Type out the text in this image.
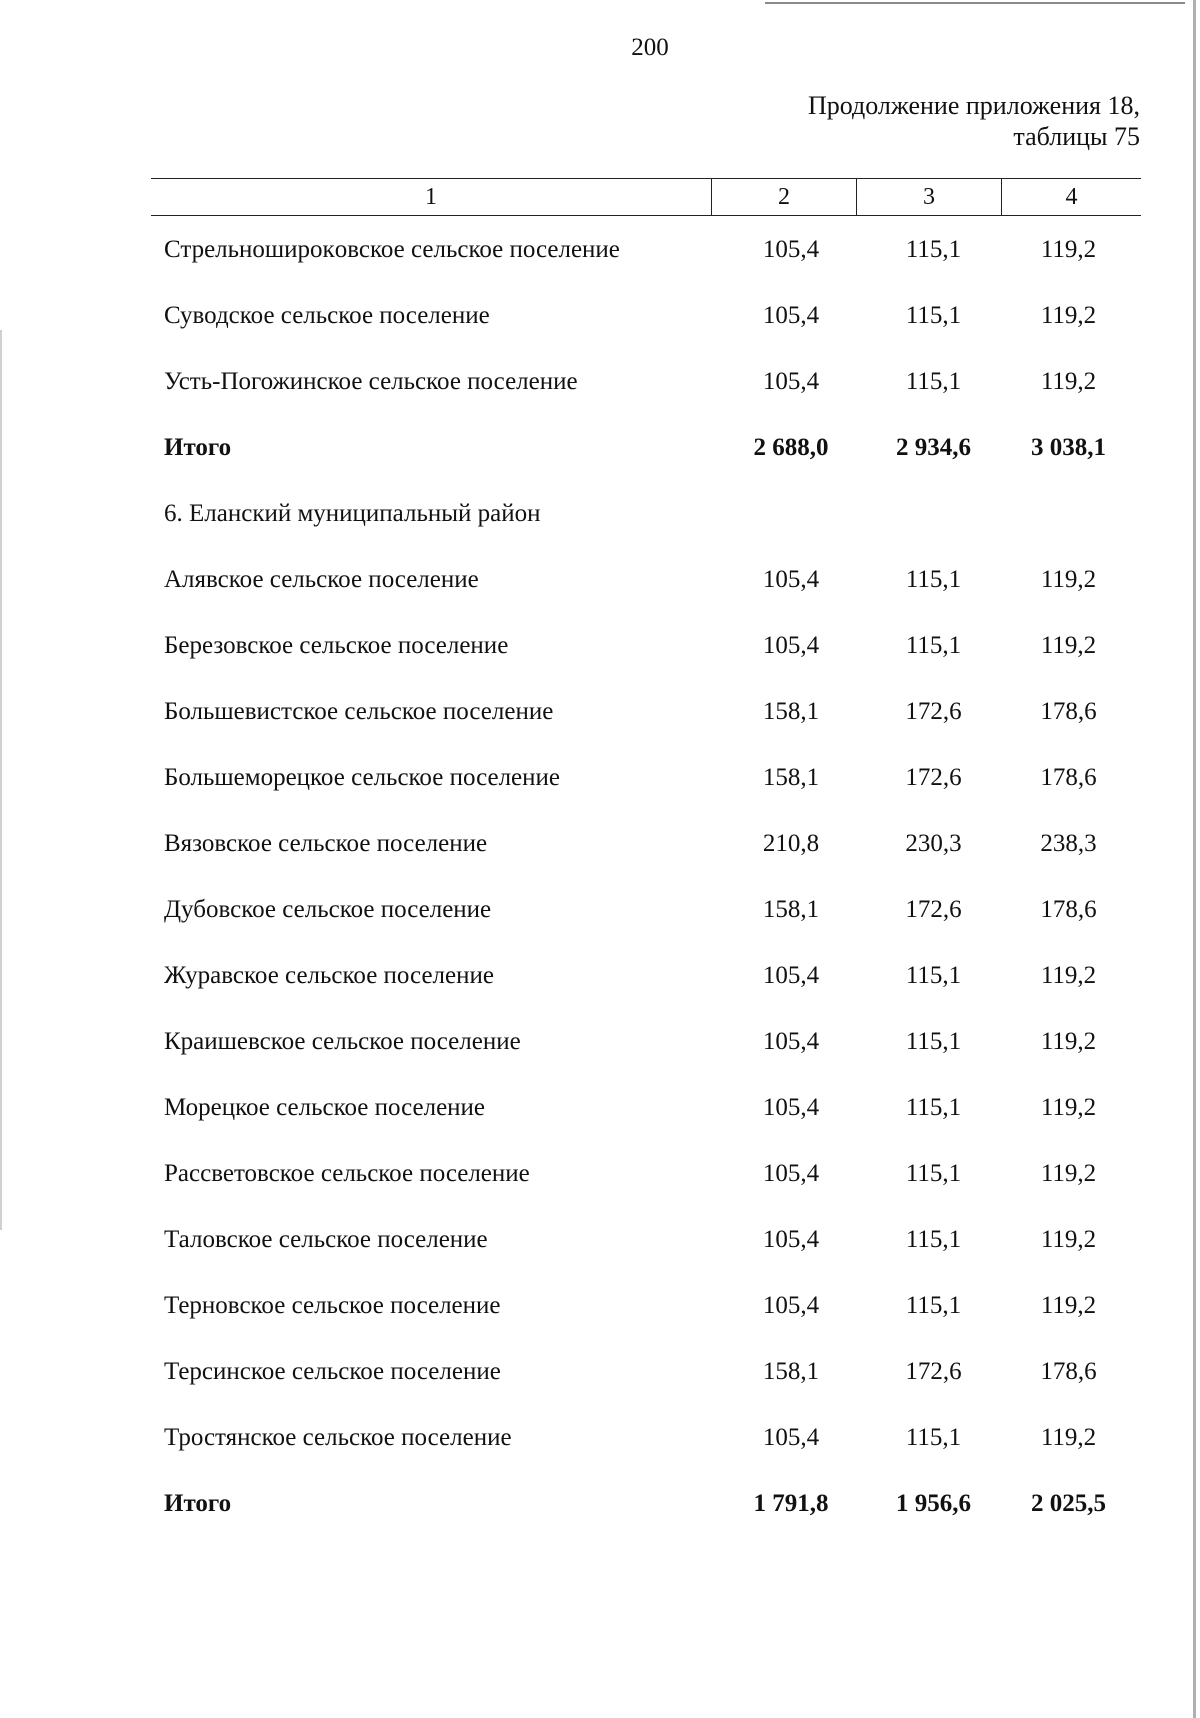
200
Продолжение приложения 18,
таблицы 75
1	2	3	4
Стрельноширокoвское сельское поселение	105,4	115,1	119,2
Суводское сельское поселение	105,4	115,1	119,2
Усть-Погожинское сельское поселение	105,4	115,1	119,2
Итого	2 688,0	2 934,6	3 038,1
6. Еланский муниципальный район
Алявское сельское поселение	105,4	115,1	119,2
Березовское сельское поселение	105,4	115,1	119,2
Большевистское сельское поселение	158,1	172,6	178,6
Большеморецкое сельское поселение	158,1	172,6	178,6
Вязовское сельское поселение	210,8	230,3	238,3
Дубовское сельское поселение	158,1	172,6	178,6
Журавское сельское поселение	105,4	115,1	119,2
Краишевское сельское поселение	105,4	115,1	119,2
Морецкое сельское поселение	105,4	115,1	119,2
Рассветовское сельское поселение	105,4	115,1	119,2
Таловское сельское поселение	105,4	115,1	119,2
Терновское сельское поселение	105,4	115,1	119,2
Терсинское сельское поселение	158,1	172,6	178,6
Тростянское сельское поселение	105,4	115,1	119,2
Итого	1 791,8	1 956,6	2 025,5
